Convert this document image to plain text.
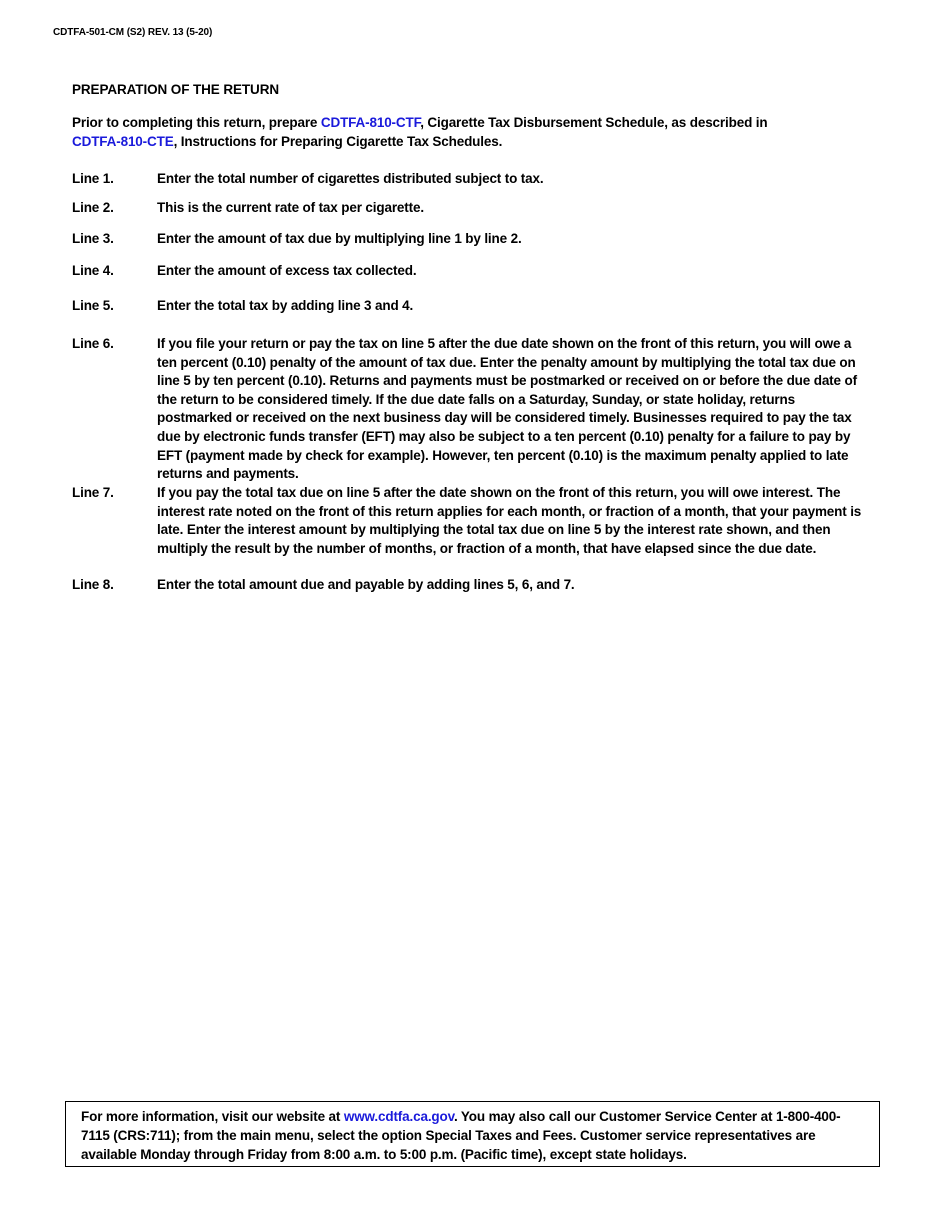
CDTFA-501-CM (S2) REV. 13 (5-20)
PREPARATION OF THE RETURN
Prior to completing this return, prepare CDTFA-810-CTF, Cigarette Tax Disbursement Schedule, as described in
CDTFA-810-CTE, Instructions for Preparing Cigarette Tax Schedules.
Line 1.	Enter the total number of cigarettes distributed subject to tax.
Line 2.	This is the current rate of tax per cigarette.
Line 3.	Enter the amount of tax due by multiplying line 1 by line 2.
Line 4.	Enter the amount of excess tax collected.
Line 5.	Enter the total tax by adding line 3 and 4.
Line 6.	If you file your return or pay the tax on line 5 after the due date shown on the front of this return, you will owe a ten percent (0.10) penalty of the amount of tax due. Enter the penalty amount by multiplying the total tax due on line 5 by ten percent (0.10). Returns and payments must be postmarked or received on or before the due date of the return to be considered timely. If the due date falls on a Saturday, Sunday, or state holiday, returns postmarked or received on the next business day will be considered timely. Businesses required to pay the tax due by electronic funds transfer (EFT) may also be subject to a ten percent (0.10) penalty for a failure to pay by EFT (payment made by check for example). However, ten percent (0.10) is the maximum penalty applied to late returns and payments.
Line 7.	If you pay the total tax due on line 5 after the date shown on the front of this return, you will owe interest. The interest rate noted on the front of this return applies for each month, or fraction of a month, that your payment is late. Enter the interest amount by multiplying the total tax due on line 5 by the interest rate shown, and then multiply the result by the number of months, or fraction of a month, that have elapsed since the due date.
Line 8.	Enter the total amount due and payable by adding lines 5, 6, and 7.
For more information, visit our website at www.cdtfa.ca.gov. You may also call our Customer Service Center at 1-800-400-7115 (CRS:711); from the main menu, select the option Special Taxes and Fees. Customer service representatives are available Monday through Friday from 8:00 a.m. to 5:00 p.m. (Pacific time), except state holidays.
